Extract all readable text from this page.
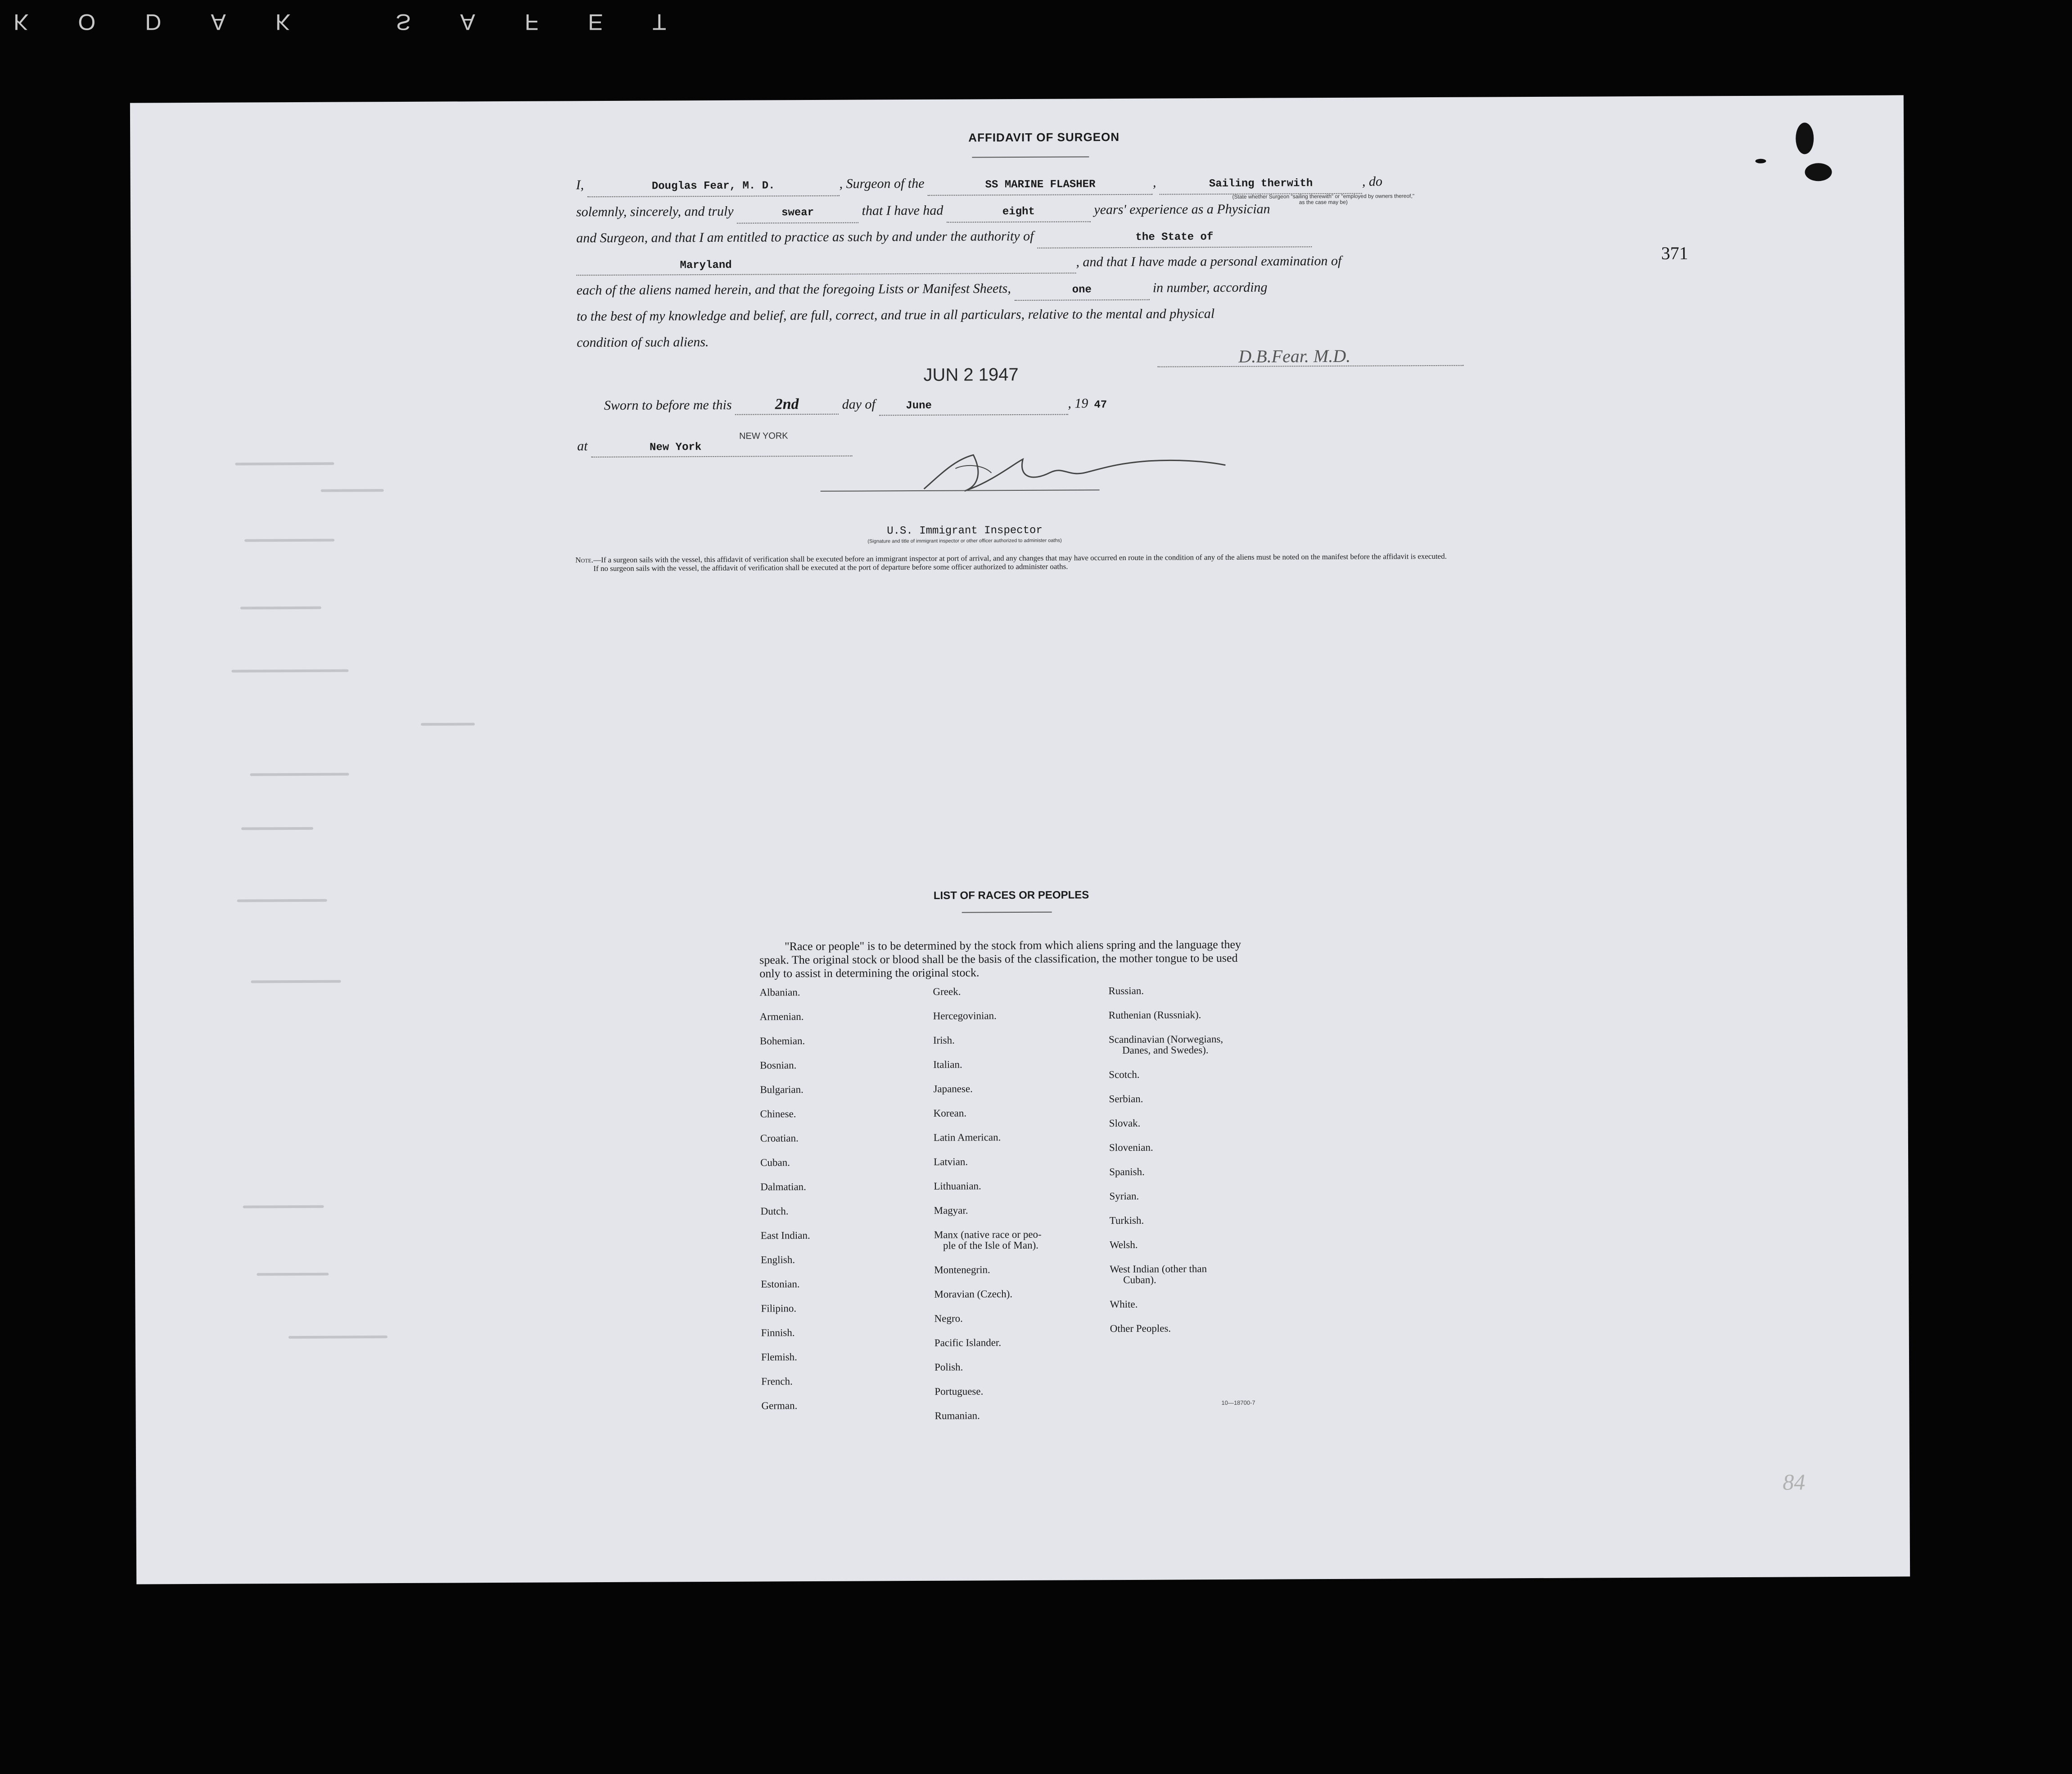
KODAK SAFET
AFFIDAVIT OF SURGEON
I,	Douglas Fear, M. D.	, Surgeon of the	SS MARINE FLASHER	,	Sailing therwith	, do
(State whether Surgeon "sailing therewith" or "employed by owners thereof," as the case may be)
solemnly, sincerely, and truly	swear	that I have had	eight	years' experience as a Physician
and Surgeon, and that I am entitled to practice as such by and under the authority of	the State of
Maryland	, and that I have made a personal examination of
each of the aliens named herein, and that the foregoing Lists or Manifest Sheets,	one	in number, according
to the best of my knowledge and belief, are full, correct, and true in all particulars, relative to the mental and physical
condition of such aliens.
D.B.Fear. M.D.
JUN 2 1947
Sworn to before me this	2nd	day of	June	, 19 47
at	New York
NEW YORK
U.S. Immigrant Inspector
(Signature and title of immigrant inspector or other officer authorized to administer oaths)
Note.—If a surgeon sails with the vessel, this affidavit of verification shall be executed before an immigrant inspector at port of arrival, and any changes that may have occurred en route in the condition of any of the aliens must be noted on the manifest before the affidavit is executed.
If no surgeon sails with the vessel, the affidavit of verification shall be executed at the port of departure before some officer authorized to administer oaths.
371
LIST OF RACES OR PEOPLES
"Race or people" is to be determined by the stock from which aliens spring and the language they speak. The original stock or blood shall be the basis of the classification, the mother tongue to be used only to assist in determining the original stock.
Albanian.
Armenian.
Bohemian.
Bosnian.
Bulgarian.
Chinese.
Croatian.
Cuban.
Dalmatian.
Dutch.
East Indian.
English.
Estonian.
Filipino.
Finnish.
Flemish.
French.
German.
Greek.
Hercegovinian.
Irish.
Italian.
Japanese.
Korean.
Latin American.
Latvian.
Lithuanian.
Magyar.
Manx (native race or peo-
ple of the Isle of Man).
Montenegrin.
Moravian (Czech).
Negro.
Pacific Islander.
Polish.
Portuguese.
Rumanian.
Russian.
Ruthenian (Russniak).
Scandinavian (Norwegians,
Danes, and Swedes).
Scotch.
Serbian.
Slovak.
Slovenian.
Spanish.
Syrian.
Turkish.
Welsh.
West Indian (other than
Cuban).
White.
Other Peoples.
10—18700-7
84
